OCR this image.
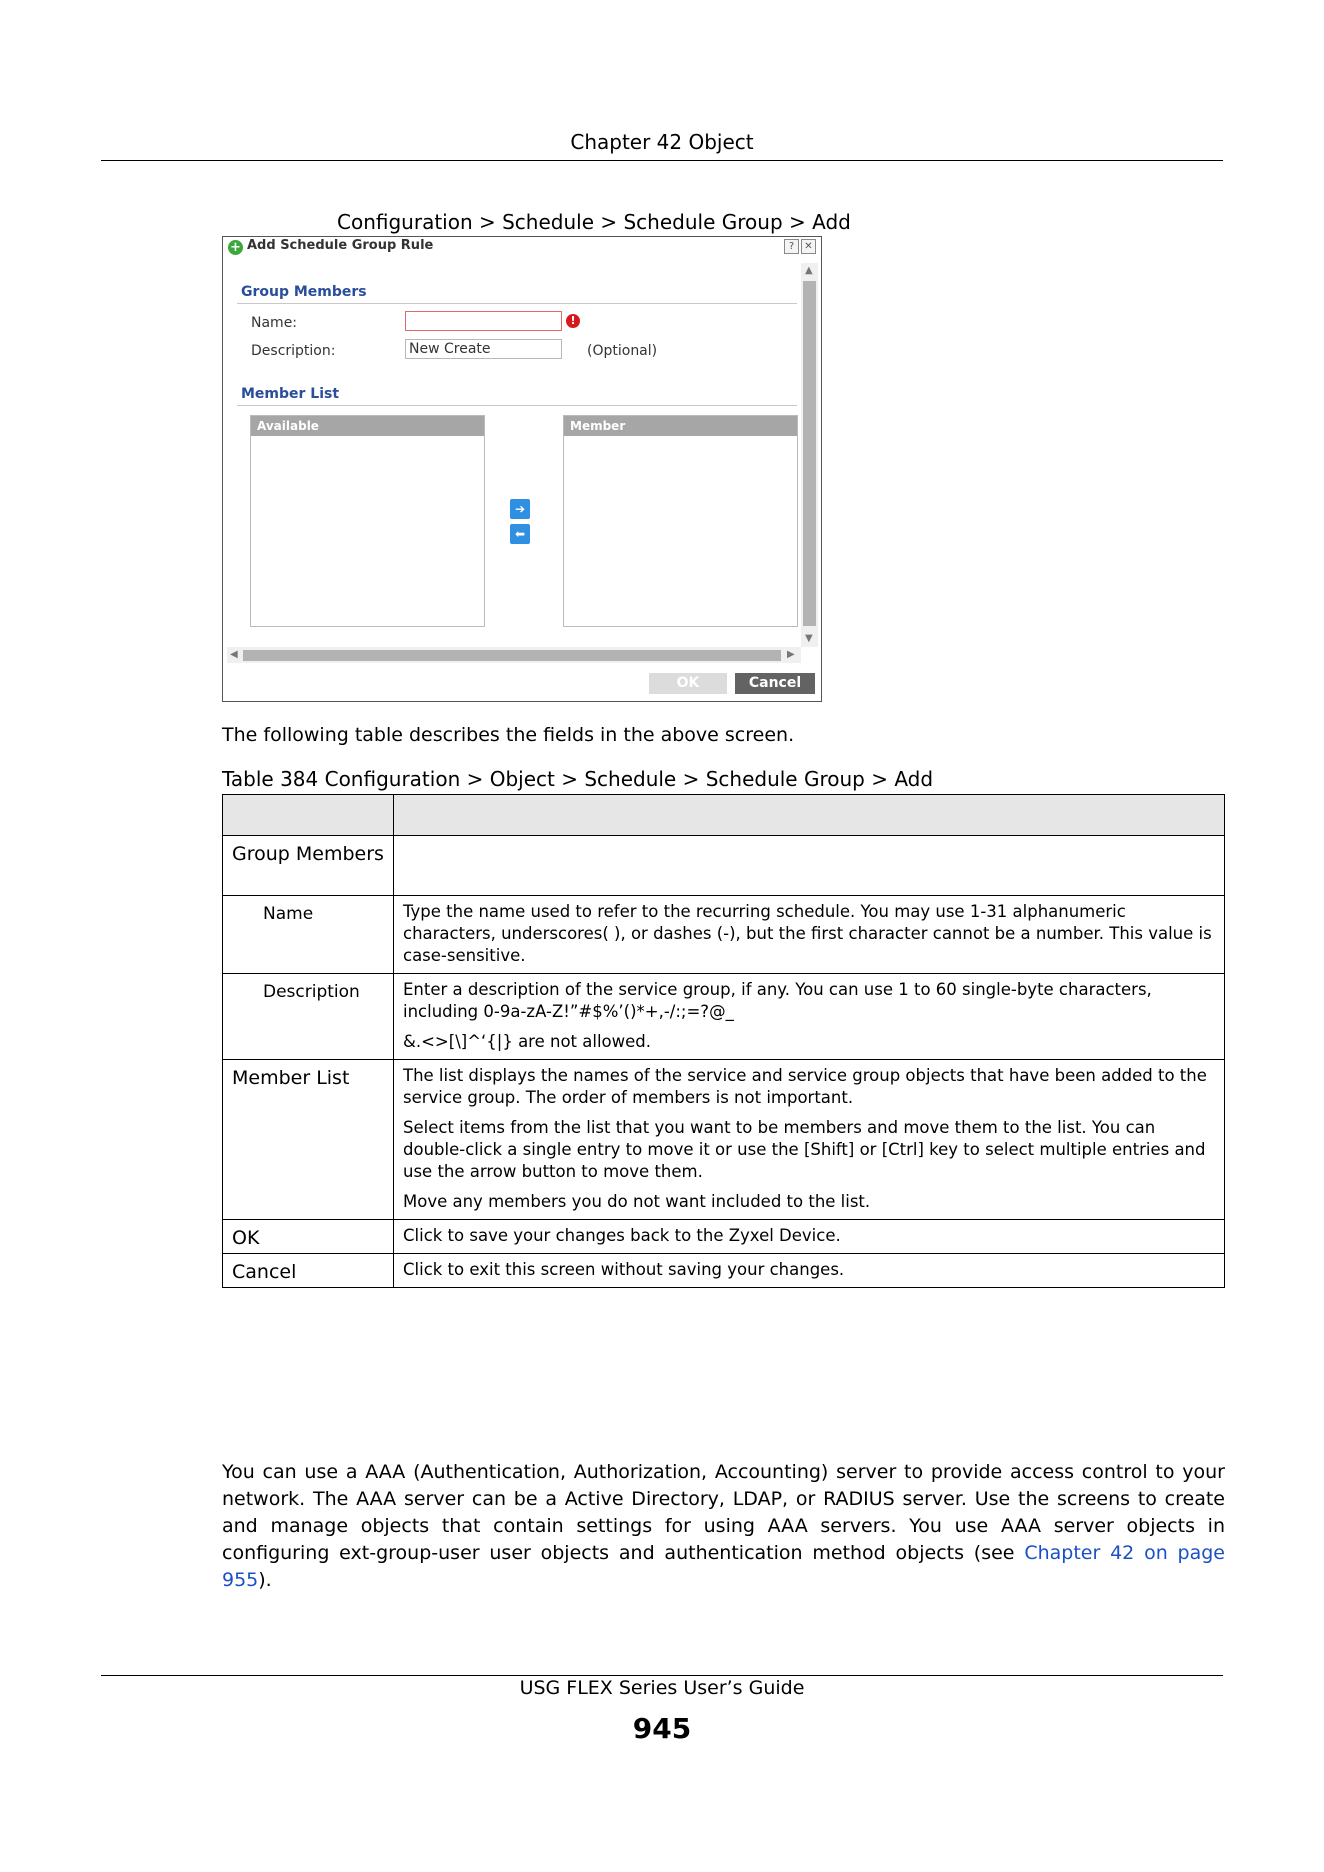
Chapter 42 Object
Configuration > Schedule > Schedule Group > Add
+ Add Schedule Group Rule	?	✕
Group Members
Name:	!
Description:	New Create	(Optional)
Member List
Available
➔
⬅
Member
▲
▼
◀	▶
OK	Cancel
The following table describes the fields in the above screen.
Table 384 Configuration > Object > Schedule > Schedule Group > Add
Group Members
Name	Type the name used to refer to the recurring schedule. You may use 1-31 alphanumeric characters, underscores( ), or dashes (-), but the first character cannot be a number. This value is case-sensitive.

Description	Enter a description of the service group, if any. You can use 1 to 60 single-byte characters, including 0-9a-zA-Z!”#$%’()*+,-/:;=?@_

&.<>[\]^‘{|} are not allowed.

Member List	The list displays the names of the service and service group objects that have been added to the service group. The order of members is not important.

Select items from the list that you want to be members and move them to the list. You can double-click a single entry to move it or use the [Shift] or [Ctrl] key to select multiple entries and use the arrow button to move them.

Move any members you do not want included to the list.

OK	Click to save your changes back to the Zyxel Device.

Cancel	Click to exit this screen without saving your changes.

You can use a AAA (Authentication, Authorization, Accounting) server to provide access control to your network. The AAA server can be a Active Directory, LDAP, or RADIUS server. Use the screens to create and manage objects that contain settings for using AAA servers. You use AAA server objects in configuring ext-group-user user objects and authentication method objects (see Chapter 42 on page 955).
USG FLEX Series User’s Guide
945
